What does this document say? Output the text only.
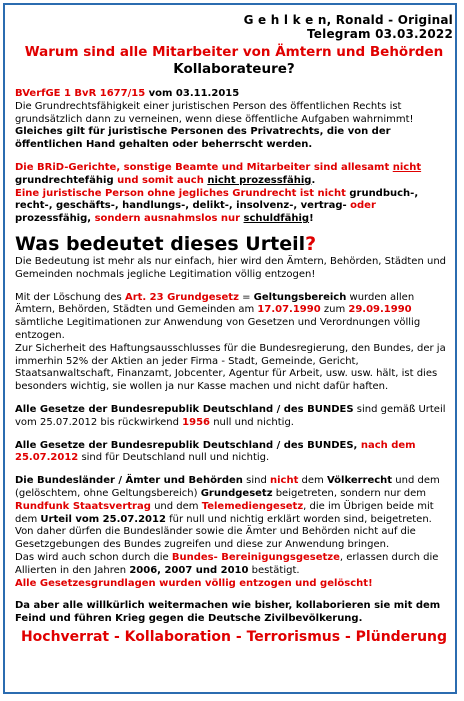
G e h l k e n, Ronald - Original
Telegram 03.03.2022
Warum sind alle Mitarbeiter von Ämtern und Behörden
Kollaborateure?

BVerfGE 1 BvR 1677/15 vom 03.11.2015

Die Grundrechtsfähigkeit einer juristischen Person des öffentlichen Rechts ist grundsätzlich dann zu verneinen, wenn diese öffentliche Aufgaben wahrnimmt!

Gleiches gilt für juristische Personen des Privatrechts, die von der öffentlichen Hand gehalten oder beherrscht werden.

Die BRiD-Gerichte, sonstige Beamte und Mitarbeiter sind allesamt nicht grundrechtefähig und somit auch nicht prozessfähig.
Eine juristische Person ohne jegliches Grundrecht ist nicht grundbuch-, recht-, geschäfts-, handlungs-, delikt-, insolvenz-, vertrag- oder prozessfähig, sondern ausnahmslos nur schuldfähig!

Was bedeutet dieses Urteil?

Die Bedeutung ist mehr als nur einfach, hier wird den Ämtern, Behörden, Städten und Gemeinden nochmals jegliche Legitimation völlig entzogen!

Mit der Löschung des Art. 23 Grundgesetz = Geltungsbereich wurden allen Ämtern, Behörden, Städten und Gemeinden am 17.07.1990 zum 29.09.1990 sämtliche Legitimationen zur Anwendung von Gesetzen und Verordnungen völlig entzogen.

Zur Sicherheit des Haftungsausschlusses für die Bundesregierung, den Bundes, der ja immerhin 52% der Aktien an jeder Firma - Stadt, Gemeinde, Gericht, Staatsanwaltschaft, Finanzamt, Jobcenter, Agentur für Arbeit, usw. usw. hält, ist dies besonders wichtig, sie wollen ja nur Kasse machen und nicht dafür haften.

Alle Gesetze der Bundesrepublik Deutschland / des BUNDES sind gemäß Urteil vom 25.07.2012 bis rückwirkend 1956 null und nichtig.

Alle Gesetze der Bundesrepublik Deutschland / des BUNDES, nach dem 25.07.2012 sind für Deutschland null und nichtig.

Die Bundesländer / Ämter und Behörden sind nicht dem Völkerrecht und dem (gelöschtem, ohne Geltungsbereich) Grundgesetz beigetreten, sondern nur dem Rundfunk Staatsvertrag und dem Telemediengesetz, die im Übrigen beide mit dem Urteil vom 25.07.2012 für null und nichtig erklärt worden sind, beigetreten.

Von daher dürfen die Bundesländer sowie die Ämter und Behörden nicht auf die Gesetzgebungen des Bundes zugreifen und diese zur Anwendung bringen.

Das wird auch schon durch die Bundes- Bereinigungsgesetze, erlassen durch die Allierten in den Jahren 2006, 2007 und 2010 bestätigt.

Alle Gesetzesgrundlagen wurden völlig entzogen und gelöscht!

Da aber alle willkürlich weitermachen wie bisher, kollaborieren sie mit dem Feind und führen Krieg gegen die Deutsche Zivilbevölkerung.

Hochverrat - Kollaboration - Terrorismus - Plünderung
